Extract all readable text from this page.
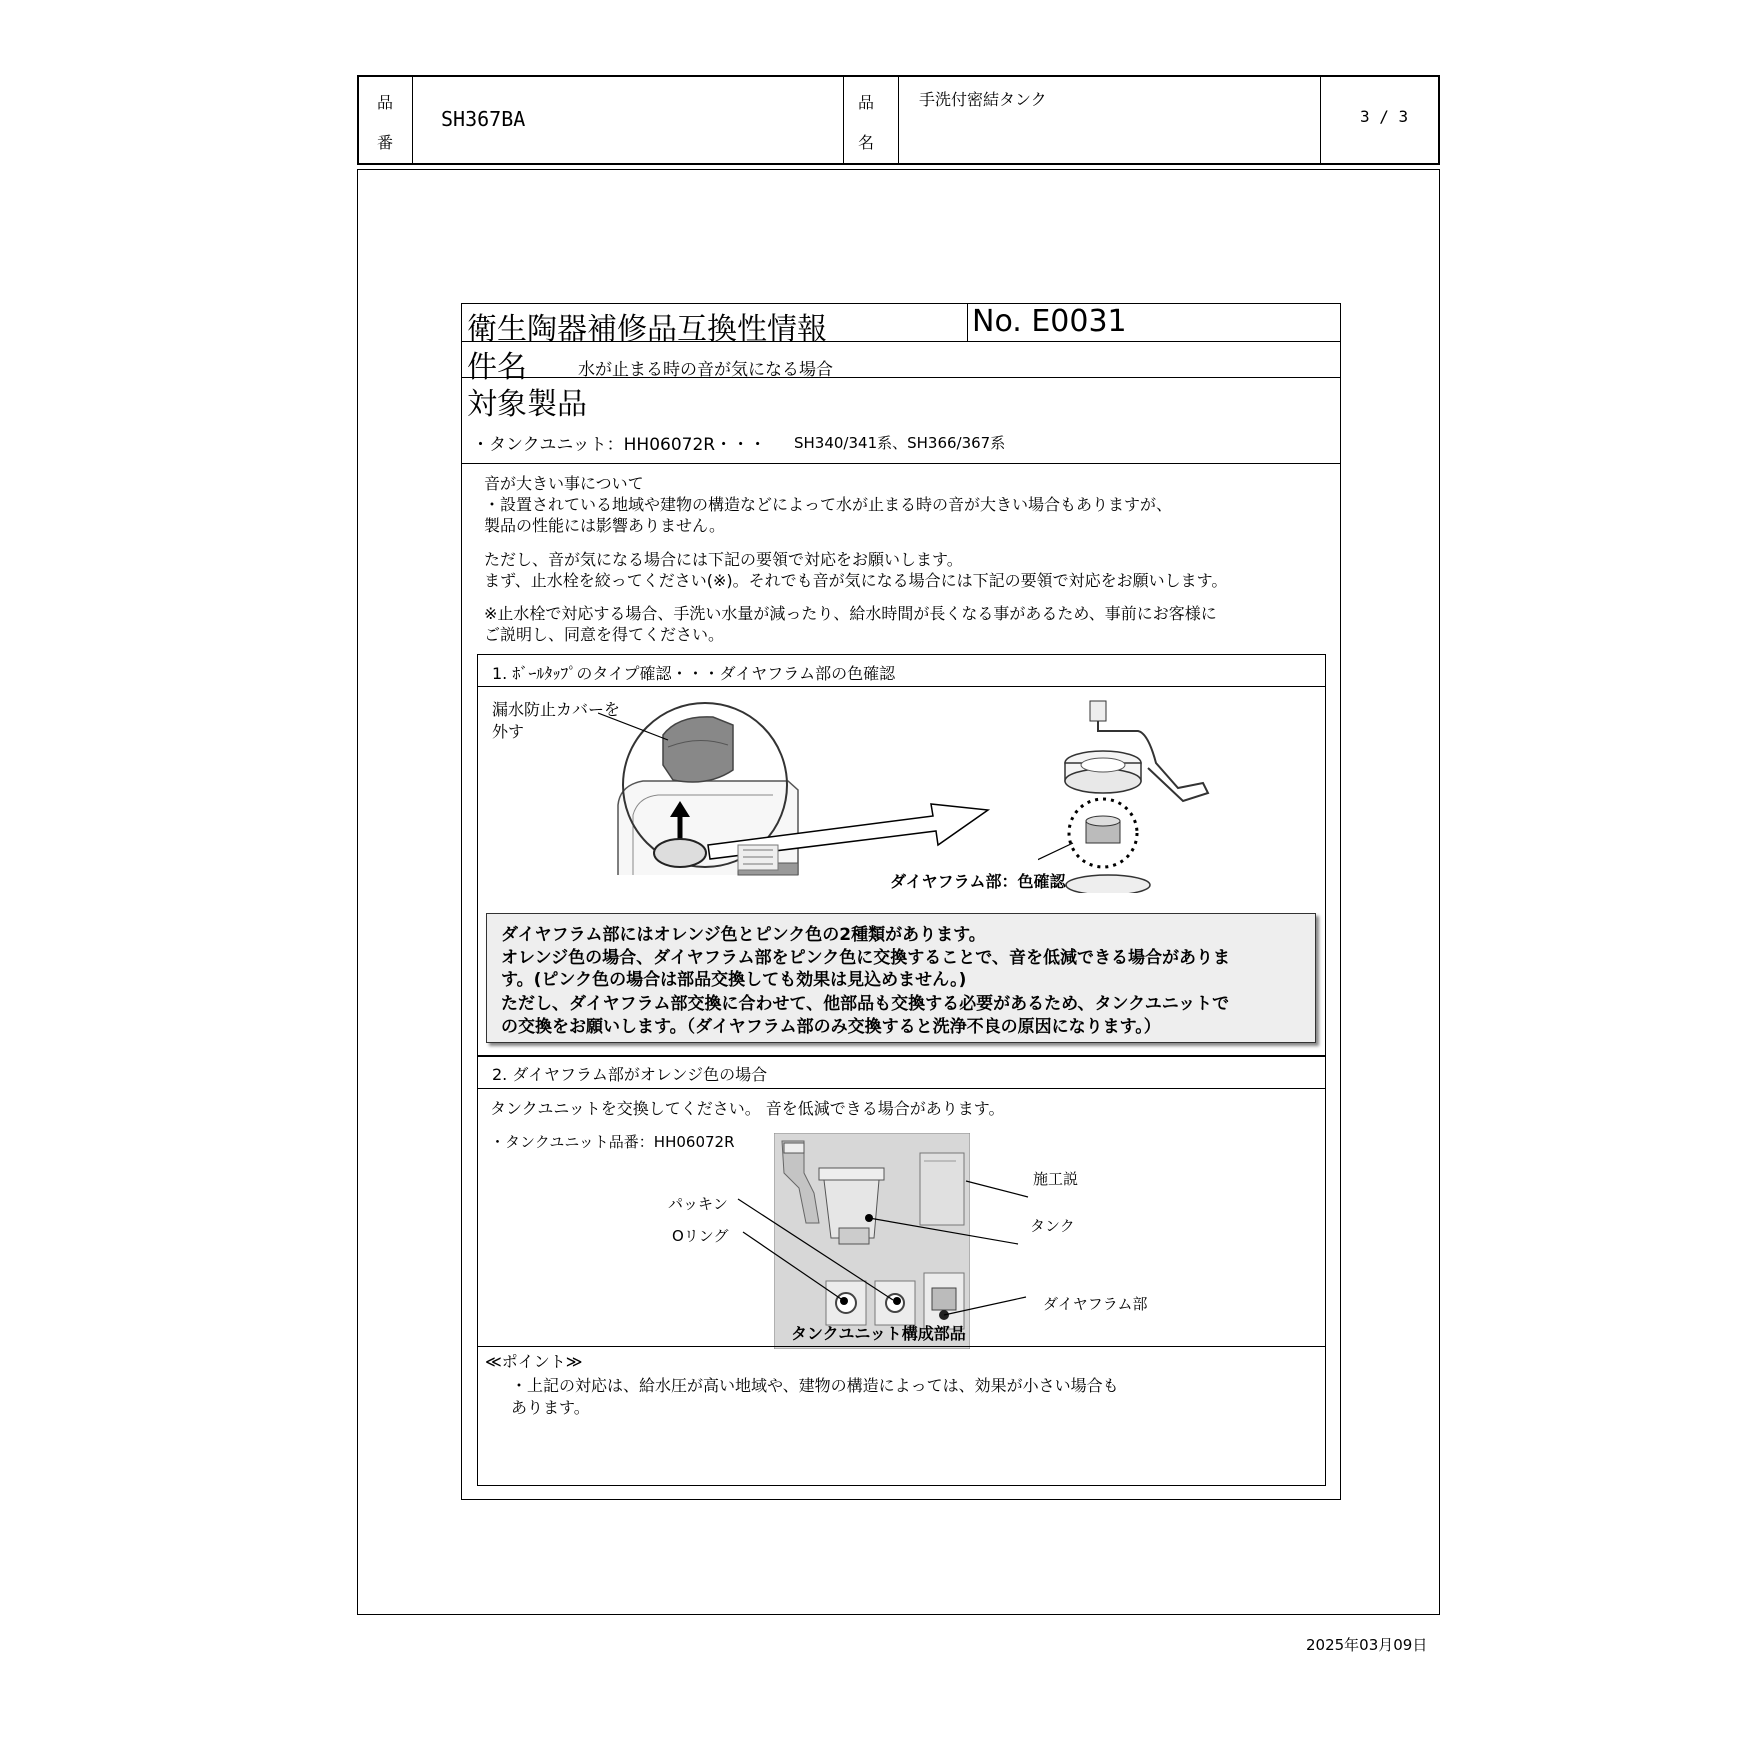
品
番
SH367BA
品
名
手洗付密結タンク
3 / 3
衛生陶器補修品互換性情報	No. E0031
件名	水が止まる時の音が気になる場合
対象製品
・タンクユニット：HH06072R・・・ SH340/341系、SH366/367系
音が大きい事について
・設置されている地域や建物の構造などによって水が止まる時の音が大きい場合もありますが、
製品の性能には影響ありません。
ただし、音が気になる場合には下記の要領で対応をお願いします。
まず、止水栓を絞ってください(※)。それでも音が気になる場合には下記の要領で対応をお願いします。
※止水栓で対応する場合、手洗い水量が減ったり、給水時間が長くなる事があるため、事前にお客様に
ご説明し、同意を得てください。
1. ﾎﾞｰﾙﾀｯﾌﾟのタイプ確認・・・ダイヤフラム部の色確認
漏水防止カバーを
外す
ダイヤフラム部：色確認
ダイヤフラム部にはオレンジ色とピンク色の2種類があります。
オレンジ色の場合、ダイヤフラム部をピンク色に交換することで、音を低減できる場合がありま
す。(ピンク色の場合は部品交換しても効果は見込めません。)
ただし、ダイヤフラム部交換に合わせて、他部品も交換する必要があるため、タンクユニットで
の交換をお願いします。（ダイヤフラム部のみ交換すると洗浄不良の原因になります。）
2. ダイヤフラム部がオレンジ色の場合
タンクユニットを交換してください。 音を低減できる場合があります。
・タンクユニット品番：HH06072R
パッキン
Oリング
施工説
タンク
ダイヤフラム部
タンクユニット構成部品
≪ポイント≫
・上記の対応は、給水圧が高い地域や、建物の構造によっては、効果が小さい場合も
あります。
2025年03月09日
